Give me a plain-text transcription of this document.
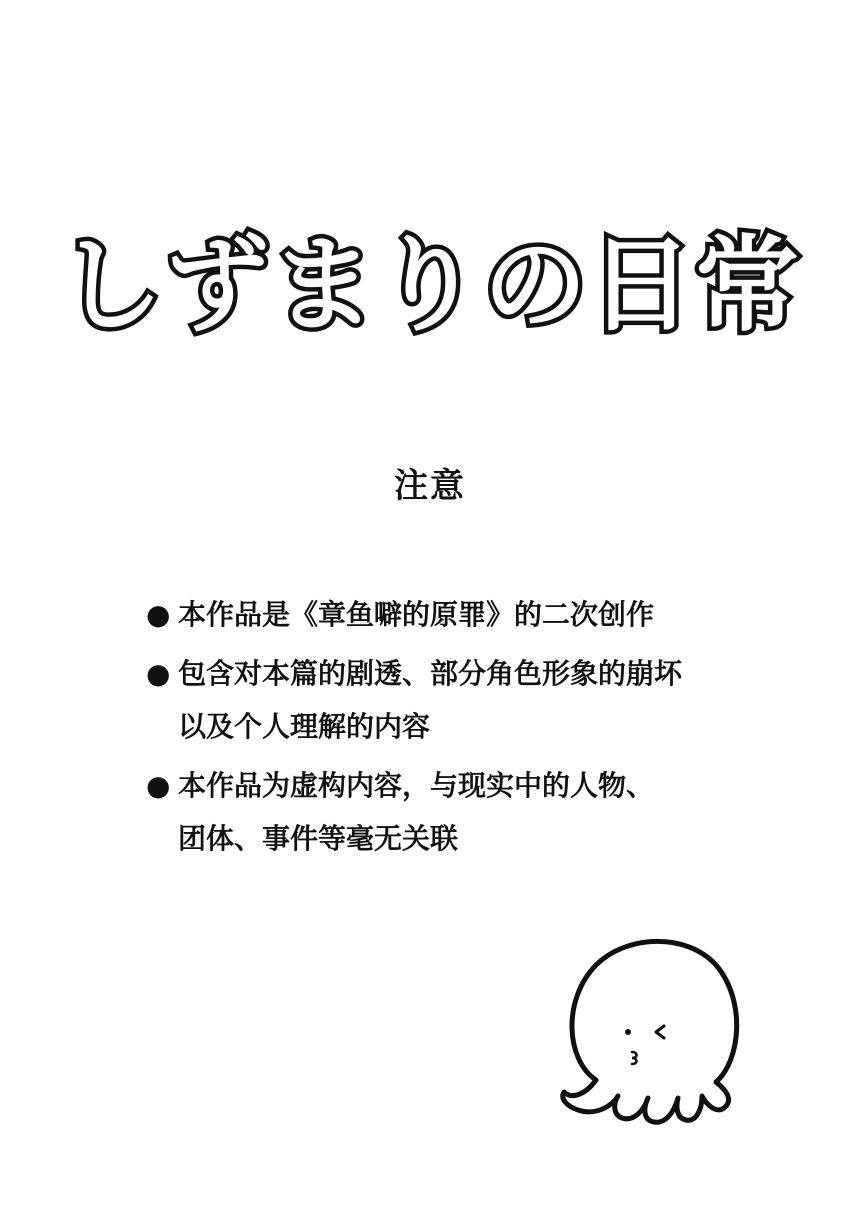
しずまりの日常
注意
● 本作品是《章鱼噼的原罪》的二次创作
● 包含对本篇的剧透、部分角色形象的崩坏
以及个人理解的内容
● 本作品为虚构内容，与现实中的人物、
团体、事件等毫无关联
